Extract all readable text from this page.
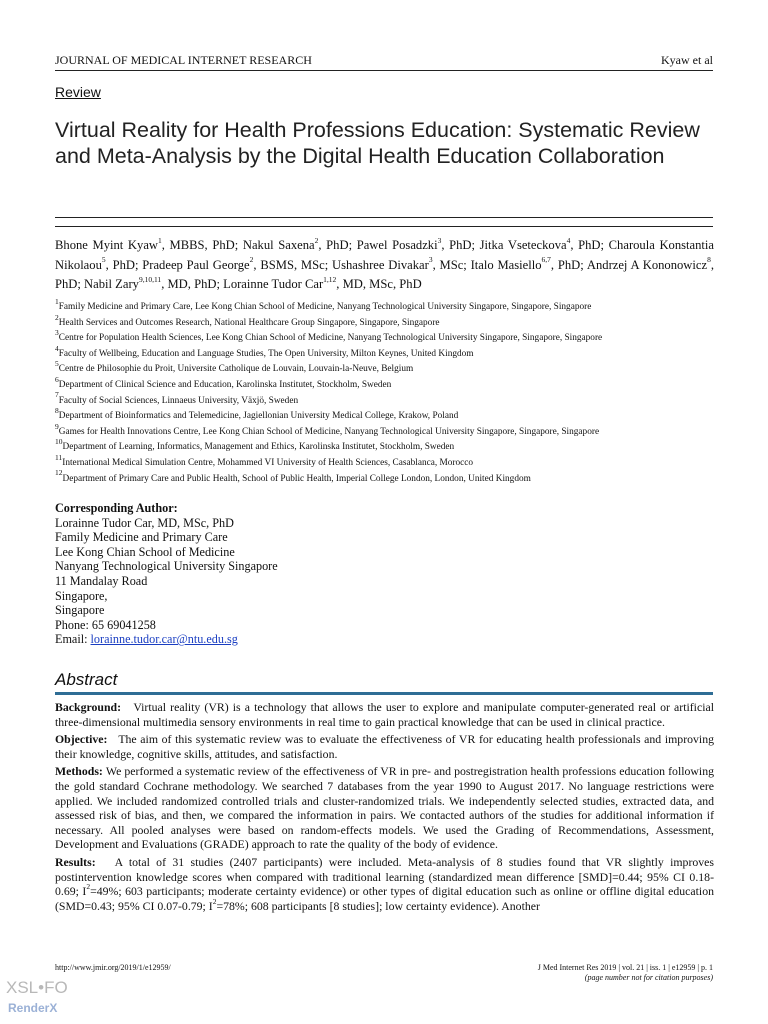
JOURNAL OF MEDICAL INTERNET RESEARCH	Kyaw et al
Review
Virtual Reality for Health Professions Education: Systematic Review and Meta-Analysis by the Digital Health Education Collaboration
Bhone Myint Kyaw$^1$, MBBS, PhD; Nakul Saxena$^2$, PhD; Pawel Posadzki$^3$, PhD; Jitka Vseteckova$^4$, PhD; Charoula Konstantia Nikolaou$^5$, PhD; Pradeep Paul George$^2$, BSMS, MSc; Ushashree Divakar$^3$, MSc; Italo Masiello$^{6,7}$, PhD; Andrzej A Kononowicz$^8$, PhD; Nabil Zary$^{9,10,11}$, MD, PhD; Lorainne Tudor Car$^{1,12}$, MD, MSc, PhD
$^1$Family Medicine and Primary Care, Lee Kong Chian School of Medicine, Nanyang Technological University Singapore, Singapore, Singapore
$^2$Health Services and Outcomes Research, National Healthcare Group Singapore, Singapore, Singapore
$^3$Centre for Population Health Sciences, Lee Kong Chian School of Medicine, Nanyang Technological University Singapore, Singapore, Singapore
$^4$Faculty of Wellbeing, Education and Language Studies, The Open University, Milton Keynes, United Kingdom
$^5$Centre de Philosophie du Proit, Universite Catholique de Louvain, Louvain-la-Neuve, Belgium
$^6$Department of Clinical Science and Education, Karolinska Institutet, Stockholm, Sweden
$^7$Faculty of Social Sciences, Linnaeus University, Växjö, Sweden
$^8$Department of Bioinformatics and Telemedicine, Jagiellonian University Medical College, Krakow, Poland
$^9$Games for Health Innovations Centre, Lee Kong Chian School of Medicine, Nanyang Technological University Singapore, Singapore, Singapore
$^{10}$Department of Learning, Informatics, Management and Ethics, Karolinska Institutet, Stockholm, Sweden
$^{11}$International Medical Simulation Centre, Mohammed VI University of Health Sciences, Casablanca, Morocco
$^{12}$Department of Primary Care and Public Health, School of Public Health, Imperial College London, London, United Kingdom
Corresponding Author:
Lorainne Tudor Car, MD, MSc, PhD
Family Medicine and Primary Care
Lee Kong Chian School of Medicine
Nanyang Technological University Singapore
11 Mandalay Road
Singapore,
Singapore
Phone: 65 69041258
Email: lorainne.tudor.car@ntu.edu.sg
Abstract

Background: Virtual reality (VR) is a technology that allows the user to explore and manipulate computer-generated real or artificial three-dimensional multimedia sensory environments in real time to gain practical knowledge that can be used in clinical practice.

Objective: The aim of this systematic review was to evaluate the effectiveness of VR for educating health professionals and improving their knowledge, cognitive skills, attitudes, and satisfaction.

Methods: We performed a systematic review of the effectiveness of VR in pre- and postregistration health professions education following the gold standard Cochrane methodology. We searched 7 databases from the year 1990 to August 2017. No language restrictions were applied. We included randomized controlled trials and cluster-randomized trials. We independently selected studies, extracted data, and assessed risk of bias, and then, we compared the information in pairs. We contacted authors of the studies for additional information if necessary. All pooled analyses were based on random-effects models. We used the Grading of Recommendations, Assessment, Development and Evaluations (GRADE) approach to rate the quality of the body of evidence.

Results: A total of 31 studies (2407 participants) were included. Meta-analysis of 8 studies found that VR slightly improves postintervention knowledge scores when compared with traditional learning (standardized mean difference [SMD]=0.44; 95% CI 0.18-0.69; $I^2=49\%$; 603 participants; moderate certainty evidence) or other types of digital education such as online or offline digital education (SMD=0.43; 95% CI 0.07-0.79; $I^2=78\%$; 608 participants [8 studies]; low certainty evidence). Another

http://www.jmir.org/2019/1/e12959/	J Med Internet Res 2019 | vol. 21 | iss. 1 | e12959 | p. 1
(page number not for citation purposes)
XSL•FO
RenderX
